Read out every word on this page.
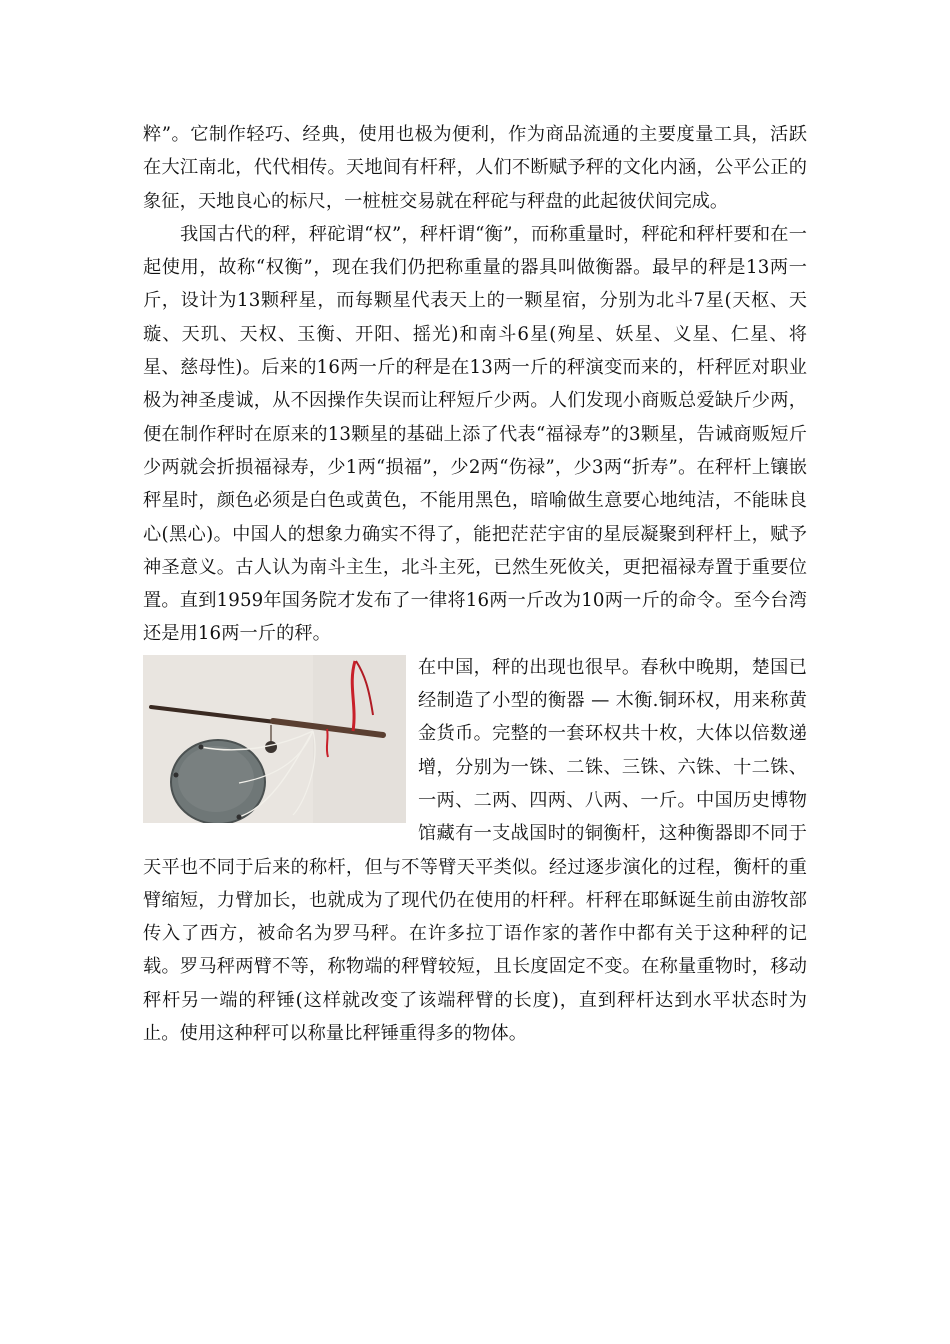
粹”。它制作轻巧、经典，使用也极为便利，作为商品流通的主要度量工具，活跃在大江南北，代代相传。天地间有杆秤，人们不断赋予秤的文化内涵，公平公正的象征，天地良心的标尺，一桩桩交易就在秤砣与秤盘的此起彼伏间完成。

我国古代的秤，秤砣谓“权”，秤杆谓“衡”，而称重量时，秤砣和秤杆要和在一起使用，故称“权衡”，现在我们仍把称重量的器具叫做衡器。最早的秤是13两一斤，设计为13颗秤星，而每颗星代表天上的一颗星宿，分别为北斗7星(天枢、天璇、天玑、天权、玉衡、开阳、摇光)和南斗6星(殉星、妖星、义星、仁星、将星、慈母性)。后来的16两一斤的秤是在13两一斤的秤演变而来的，杆秤匠对职业极为神圣虔诚，从不因操作失误而让秤短斤少两。人们发现小商贩总爱缺斤少两，便在制作秤时在原来的13颗星的基础上添了代表“福禄寿”的3颗星，告诫商贩短斤少两就会折损福禄寿，少1两“损福”，少2两“伤禄”，少3两“折寿”。在秤杆上镶嵌秤星时，颜色必须是白色或黄色，不能用黑色，暗喻做生意要心地纯洁，不能昧良心(黑心)。中国人的想象力确实不得了，能把茫茫宇宙的星辰凝聚到秤杆上，赋予神圣意义。古人认为南斗主生，北斗主死，已然生死攸关，更把福禄寿置于重要位置。直到1959年国务院才发布了一律将16两一斤改为10两一斤的命令。至今台湾还是用16两一斤的秤。

在中国，秤的出现也很早。春秋中晚期，楚国已经制造了小型的衡器 — 木衡.铜环权，用来称黄金货币。完整的一套环权共十枚，大体以倍数递增，分别为一铢、二铢、三铢、六铢、十二铢、一两、二两、四两、八两、一斤。中国历史博物馆藏有一支战国时的铜衡杆，这种衡器即不同于天平也不同于后来的称杆，但与不等臂天平类似。经过逐步演化的过程，衡杆的重臂缩短，力臂加长，也就成为了现代仍在使用的杆秤。杆秤在耶稣诞生前由游牧部传入了西方，被命名为罗马秤。在许多拉丁语作家的著作中都有关于这种秤的记载。罗马秤两臂不等，称物端的秤臂较短，且长度固定不变。在称量重物时，移动秤杆另一端的秤锤(这样就改变了该端秤臂的长度)，直到秤杆达到水平状态时为止。使用这种秤可以称量比秤锤重得多的物体。
